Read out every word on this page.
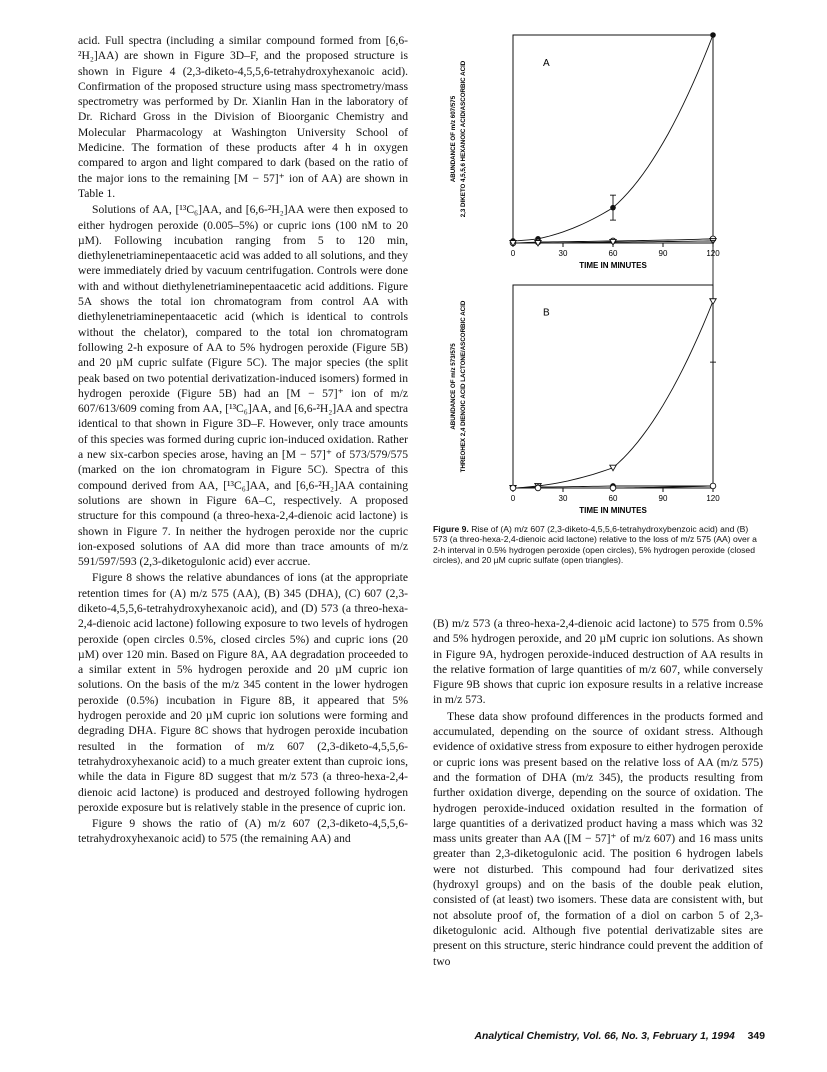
acid. Full spectra (including a similar compound formed from [6,6-²H₂]AA) are shown in Figure 3D–F, and the proposed structure is shown in Figure 4 (2,3-diketo-4,5,5,6-tetrahydroxyhexanoic acid). Confirmation of the proposed structure using mass spectrometry/mass spectrometry was performed by Dr. Xianlin Han in the laboratory of Dr. Richard Gross in the Division of Bioorganic Chemistry and Molecular Pharmacology at Washington University School of Medicine. The formation of these products after 4 h in oxygen compared to argon and light compared to dark (based on the ratio of the major ions to the remaining [M − 57]⁺ ion of AA) are shown in Table 1.

Solutions of AA, [¹³C₆]AA, and [6,6-²H₂]AA were then exposed to either hydrogen peroxide (0.005–5%) or cupric ions (100 nM to 20 µM). Following incubation ranging from 5 to 120 min, diethylenetriaminepentaacetic acid was added to all solutions, and they were immediately dried by vacuum centrifugation. Controls were done with and without diethylenetriaminepentaacetic acid additions. Figure 5A shows the total ion chromatogram from control AA with diethylenetriaminepentaacetic acid (which is identical to controls without the chelator), compared to the total ion chromatogram following 2-h exposure of AA to 5% hydrogen peroxide (Figure 5B) and 20 µM cupric sulfate (Figure 5C). The major species (the split peak based on two potential derivatization-induced isomers) formed in hydrogen peroxide (Figure 5B) had an [M − 57]⁺ ion of m/z 607/613/609 coming from AA, [¹³C₆]AA, and [6,6-²H₂]AA and spectra identical to that shown in Figure 3D–F. However, only trace amounts of this species was formed during cupric ion-induced oxidation. Rather a new six-carbon species arose, having an [M − 57]⁺ of 573/579/575 (marked on the ion chromatogram in Figure 5C). Spectra of this compound derived from AA, [¹³C₆]AA, and [6,6-²H₂]AA containing solutions are shown in Figure 6A–C, respectively. A proposed structure for this compound (a threo-hexa-2,4-dienoic acid lactone) is shown in Figure 7. In neither the hydrogen peroxide nor the cupric ion-exposed solutions of AA did more than trace amounts of m/z 591/597/593 (2,3-diketogulonic acid) ever accrue.

Figure 8 shows the relative abundances of ions (at the appropriate retention times for (A) m/z 575 (AA), (B) 345 (DHA), (C) 607 (2,3-diketo-4,5,5,6-tetrahydroxyhexanoic acid), and (D) 573 (a threo-hexa-2,4-dienoic acid lactone) following exposure to two levels of hydrogen peroxide (open circles 0.5%, closed circles 5%) and cupric ions (20 µM) over 120 min. Based on Figure 8A, AA degradation proceeded to a similar extent in 5% hydrogen peroxide and 20 µM cupric ion solutions. On the basis of the m/z 345 content in the lower hydrogen peroxide (0.5%) incubation in Figure 8B, it appeared that 5% hydrogen peroxide and 20 µM cupric ion solutions were forming and degrading DHA. Figure 8C shows that hydrogen peroxide incubation resulted in the formation of m/z 607 (2,3-diketo-4,5,5,6-tetrahydroxyhexanoic acid) to a much greater extent than cuproic ions, while the data in Figure 8D suggest that m/z 573 (a threo-hexa-2,4-dienoic acid lactone) is produced and destroyed following hydrogen peroxide exposure but is relatively stable in the presence of cupric ion.

Figure 9 shows the ratio of (A) m/z 607 (2,3-diketo-4,5,5,6-tetrahydroxyhexanoic acid) to 575 (the remaining AA) and

0	30	60	90	120
TIME IN MINUTES
ABUNDANCE OF m/z 607/575 2,3 DIKETO 4,5,5,6 HEXANOIC ACID/ASCORBIC ACID	A
0	30	60	90	120
TIME IN MINUTES
ABUNDANCE OF m/z 573/575 THREOHEX 2,4 DIENOIC ACID LACTONE/ASCORBIC ACID	B
Figure 9. Rise of (A) m/z 607 (2,3-diketo-4,5,5,6-tetrahydroxybenzoic acid) and (B) 573 (a threo-hexa-2,4-dienoic acid lactone) relative to the loss of m/z 575 (AA) over a 2-h interval in 0.5% hydrogen peroxide (open circles), 5% hydrogen peroxide (closed circles), and 20 µM cupric sulfate (open triangles).

(B) m/z 573 (a threo-hexa-2,4-dienoic acid lactone) to 575 from 0.5% and 5% hydrogen peroxide, and 20 µM cupric ion solutions. As shown in Figure 9A, hydrogen peroxide-induced destruction of AA results in the relative formation of large quantities of m/z 607, while conversely Figure 9B shows that cupric ion exposure results in a relative increase in m/z 573.

These data show profound differences in the products formed and accumulated, depending on the source of oxidant stress. Although evidence of oxidative stress from exposure to either hydrogen peroxide or cupric ions was present based on the relative loss of AA (m/z 575) and the formation of DHA (m/z 345), the products resulting from further oxidation diverge, depending on the source of oxidation. The hydrogen peroxide-induced oxidation resulted in the formation of large quantities of a derivatized product having a mass which was 32 mass units greater than AA ([M − 57]⁺ of m/z 607) and 16 mass units greater than 2,3-diketogulonic acid. The position 6 hydrogen labels were not disturbed. This compound had four derivatized sites (hydroxyl groups) and on the basis of the double peak elution, consisted of (at least) two isomers. These data are consistent with, but not absolute proof of, the formation of a diol on carbon 5 of 2,3-diketogulonic acid. Although five potential derivatizable sites are present on this structure, steric hindrance could prevent the addition of two

Analytical Chemistry, Vol. 66, No. 3, February 1, 1994 349
